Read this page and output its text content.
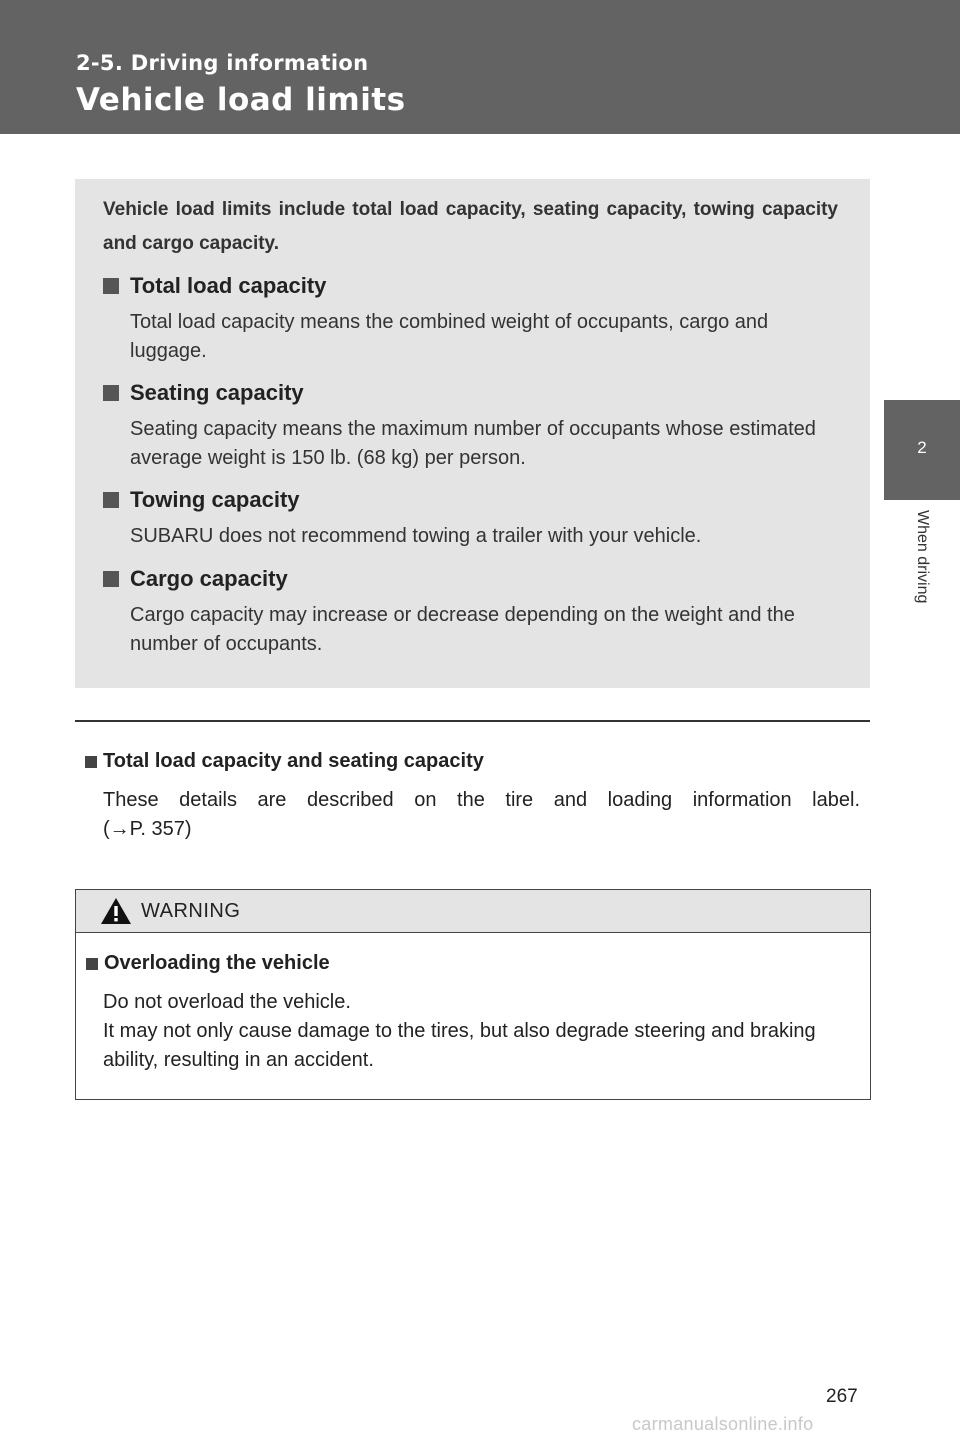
2-5. Driving information
Vehicle load limits
2
When driving
Vehicle load limits include total load capacity, seating capacity, towing capacity and cargo capacity.
Total load capacity
Total load capacity means the combined weight of occupants, cargo and luggage.
Seating capacity
Seating capacity means the maximum number of occupants whose estimated average weight is 150 lb. (68 kg) per person.
Towing capacity
SUBARU does not recommend towing a trailer with your vehicle.
Cargo capacity
Cargo capacity may increase or decrease depending on the weight and the number of occupants.
Total load capacity and seating capacity
These details are described on the tire and loading information label.
(→P. 357)
WARNING
Overloading the vehicle
Do not overload the vehicle.
It may not only cause damage to the tires, but also degrade steering and braking ability, resulting in an accident.
267
carmanualsonline.info
